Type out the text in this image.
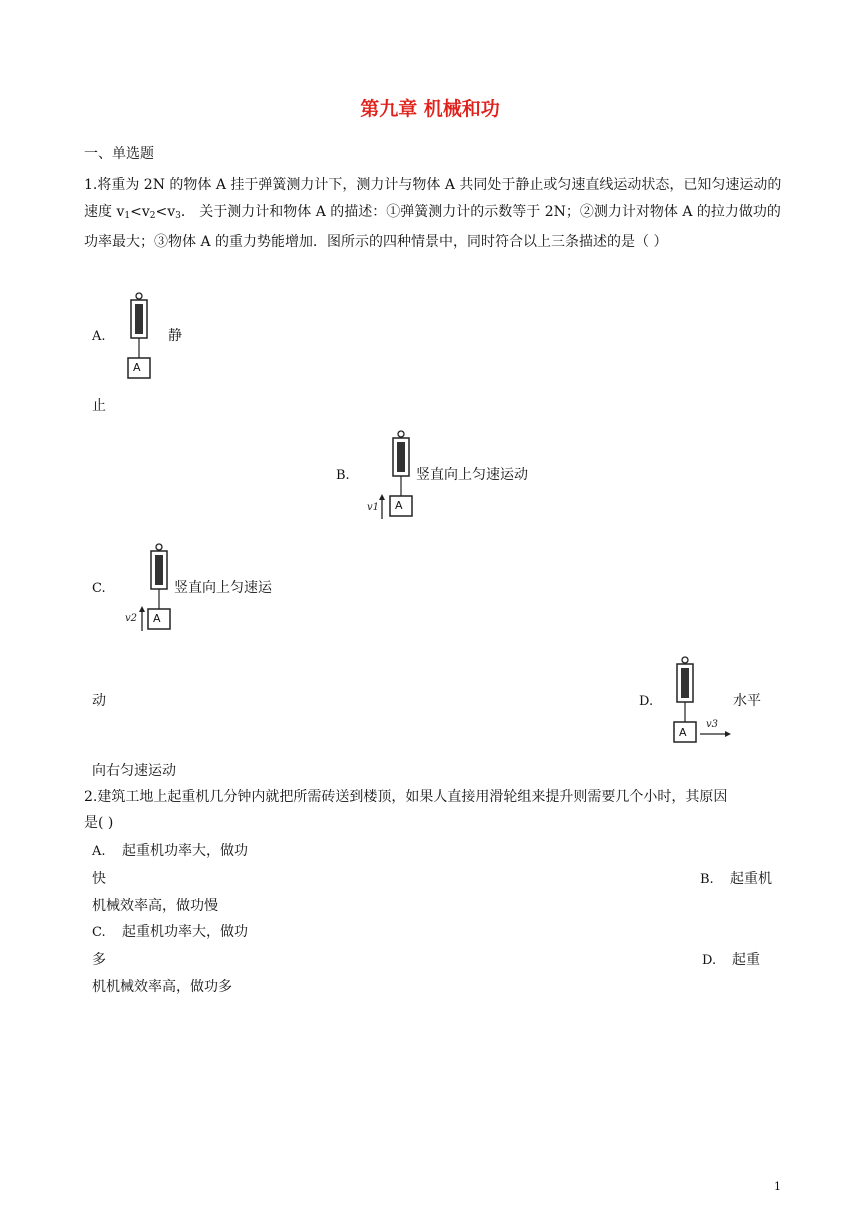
第九章 机械和功
一、单选题
1.将重为 2N 的物体 A 挂于弹簧测力计下，测力计与物体 A 共同处于静止或匀速直线运动状态，已知匀速运动的速度 $v_1<v_2<v_3$． 关于测力计和物体 A 的描述：①弹簧测力计的示数等于 2N；②测力计对物体 A 的拉力做功的功率最大；③物体 A 的重力势能增加．图所示的四种情景中，同时符合以上三条描述的是（ ）
A.
A
静
止
B.
A
v1
竖直向上匀速运动
C.
A
v2
竖直向上匀速运
动	D.
A
v3
水平
向右匀速运动
2.建筑工地上起重机几分钟内就把所需砖送到楼顶，如果人直接用滑轮组来提升则需要几个小时，其原因
是( )
A. 起重机功率大，做功
快	B. 起重机
机械效率高，做功慢
C. 起重机功率大，做功
多	D. 起重
机机械效率高，做功多
1
